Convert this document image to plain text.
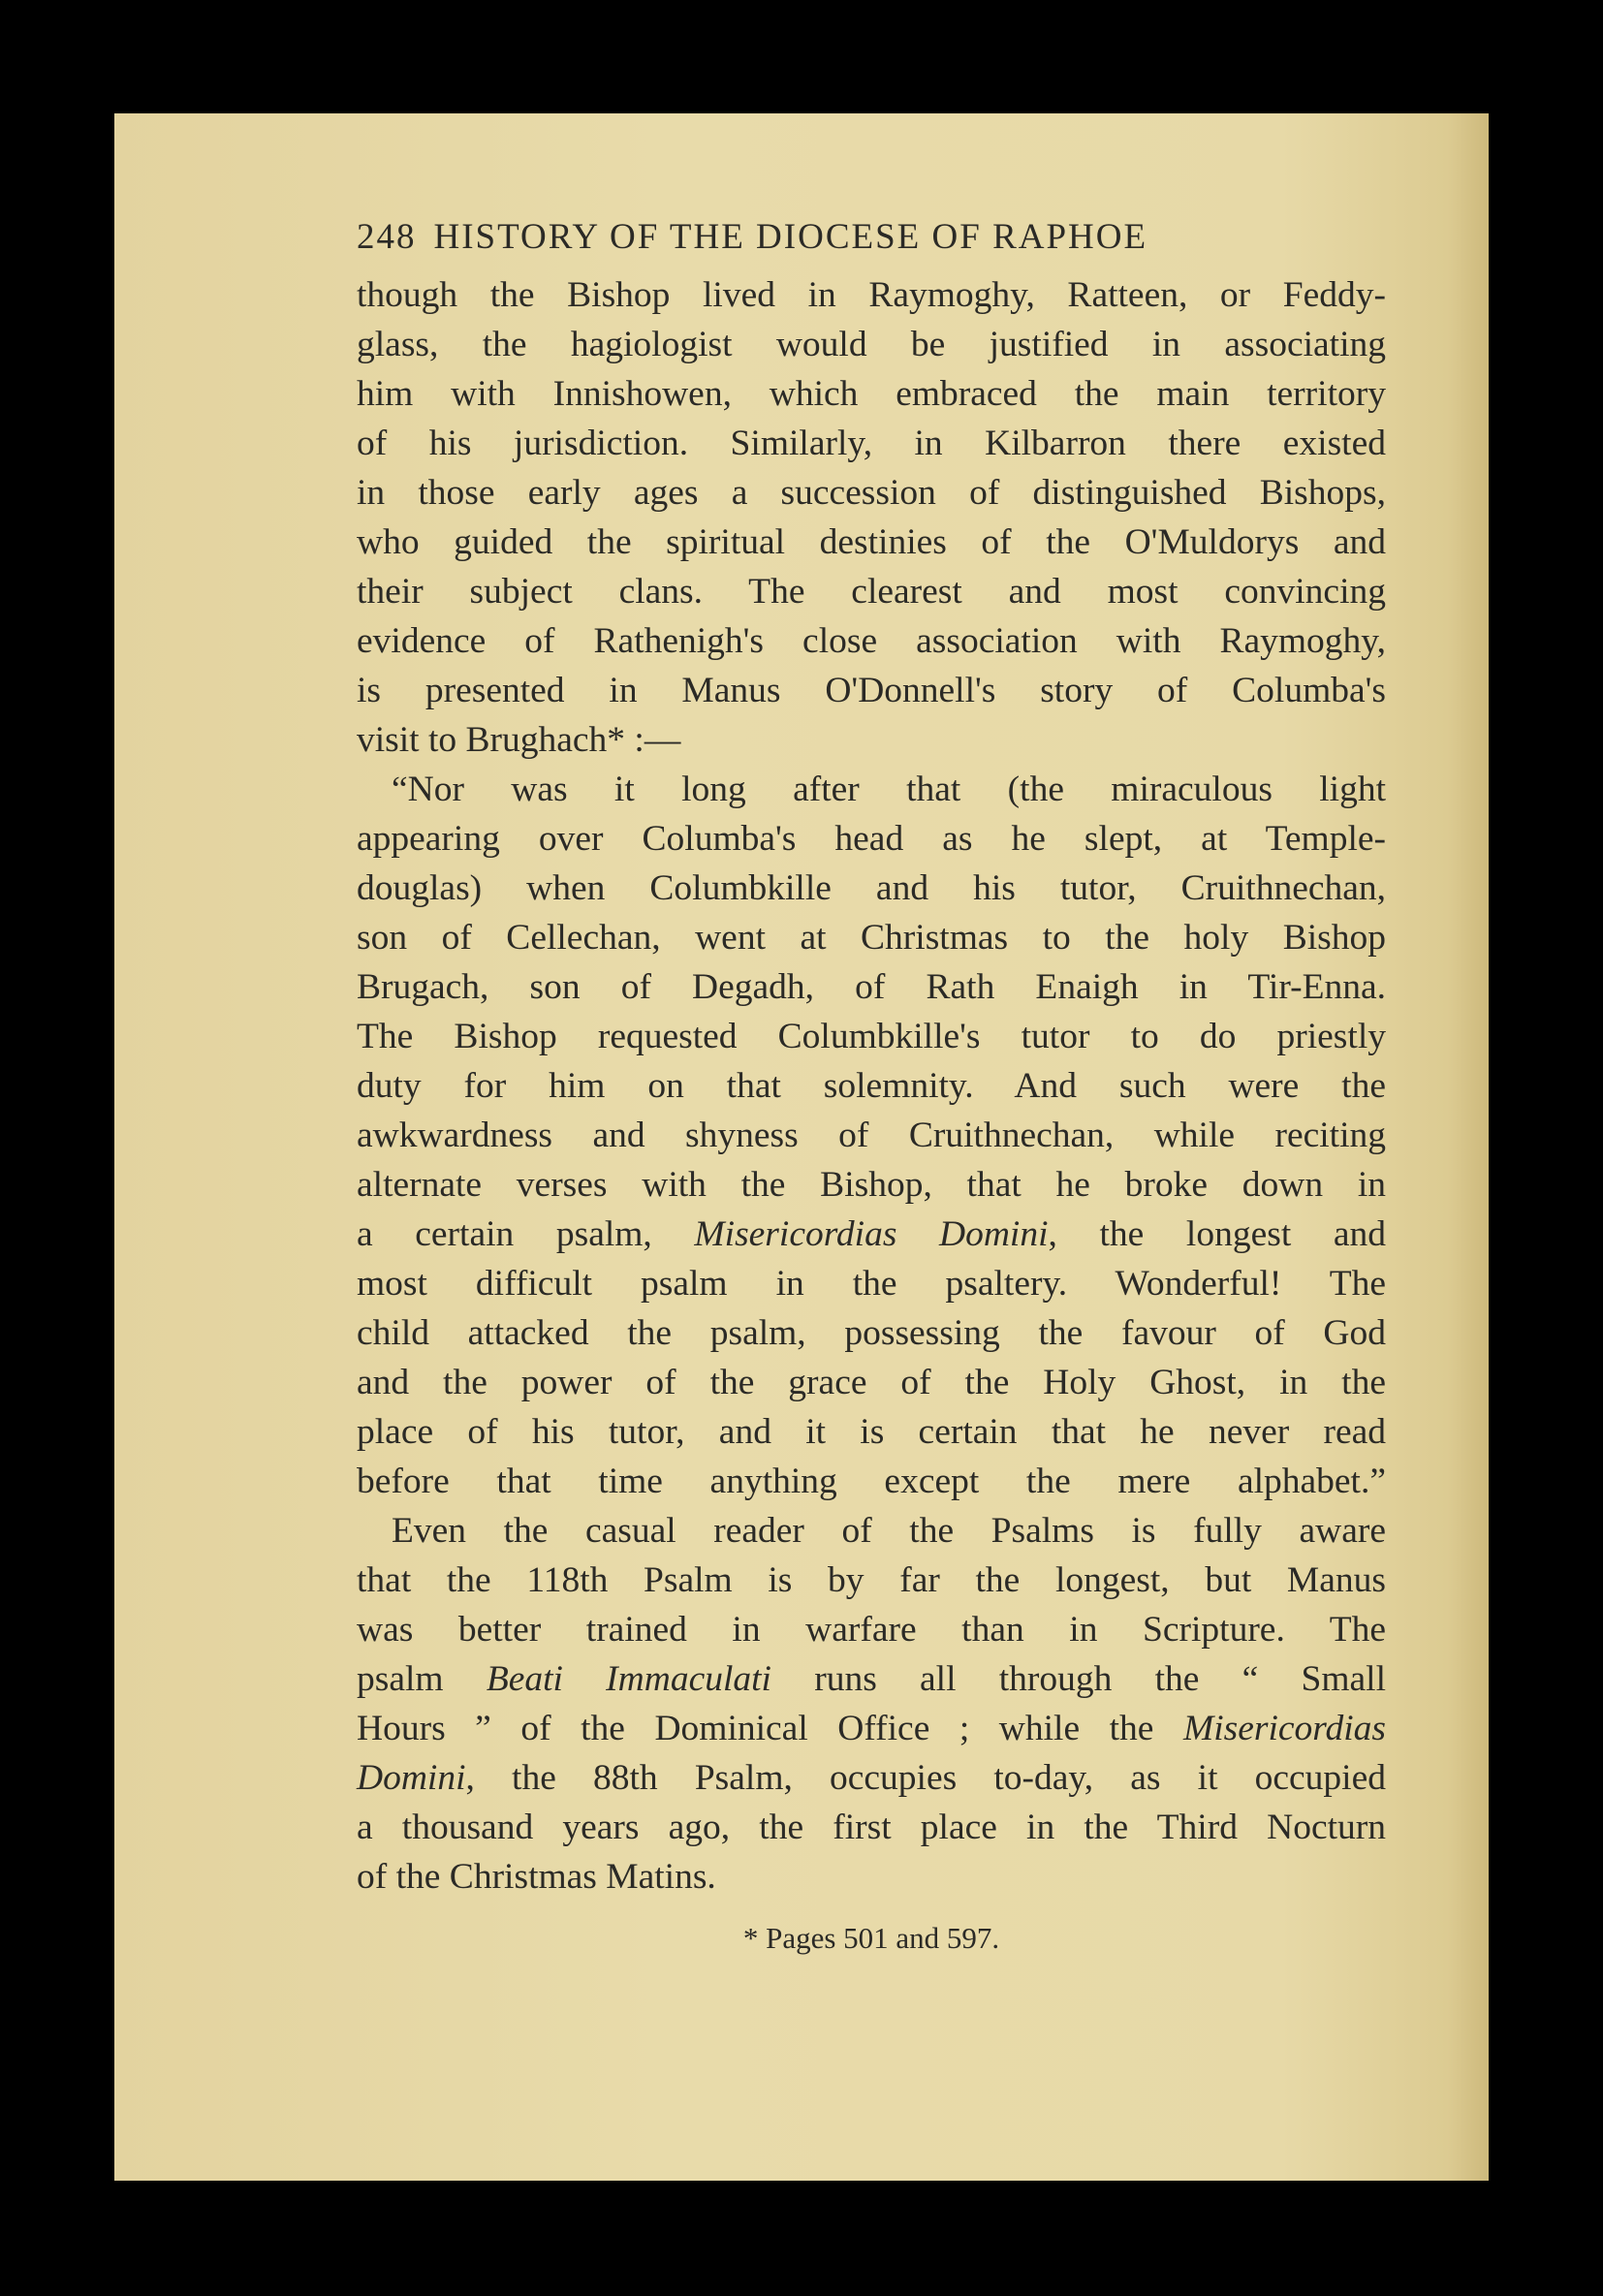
248 HISTORY OF THE DIOCESE OF RAPHOE
though the Bishop lived in Raymoghy, Ratteen, or Feddy-
glass, the hagiologist would be justified in associating
him with Innishowen, which embraced the main territory
of his jurisdiction. Similarly, in Kilbarron there existed
in those early ages a succession of distinguished Bishops,
who guided the spiritual destinies of the O'Muldorys and
their subject clans. The clearest and most convincing
evidence of Rathenigh's close association with Raymoghy,
is presented in Manus O'Donnell's story of Columba's
visit to Brughach* :—
“Nor was it long after that (the miraculous light
appearing over Columba's head as he slept, at Temple-
douglas) when Columbkille and his tutor, Cruithnechan,
son of Cellechan, went at Christmas to the holy Bishop
Brugach, son of Degadh, of Rath Enaigh in Tir-Enna.
The Bishop requested Columbkille's tutor to do priestly
duty for him on that solemnity. And such were the
awkwardness and shyness of Cruithnechan, while reciting
alternate verses with the Bishop, that he broke down in
a certain psalm, Misericordias Domini, the longest and
most difficult psalm in the psaltery. Wonderful! The
child attacked the psalm, possessing the favour of God
and the power of the grace of the Holy Ghost, in the
place of his tutor, and it is certain that he never read
before that time anything except the mere alphabet.”
Even the casual reader of the Psalms is fully aware
that the 118th Psalm is by far the longest, but Manus
was better trained in warfare than in Scripture. The
psalm Beati Immaculati runs all through the “ Small
Hours ” of the Dominical Office ; while the Misericordias
Domini, the 88th Psalm, occupies to-day, as it occupied
a thousand years ago, the first place in the Third Nocturn
of the Christmas Matins.
* Pages 501 and 597.
